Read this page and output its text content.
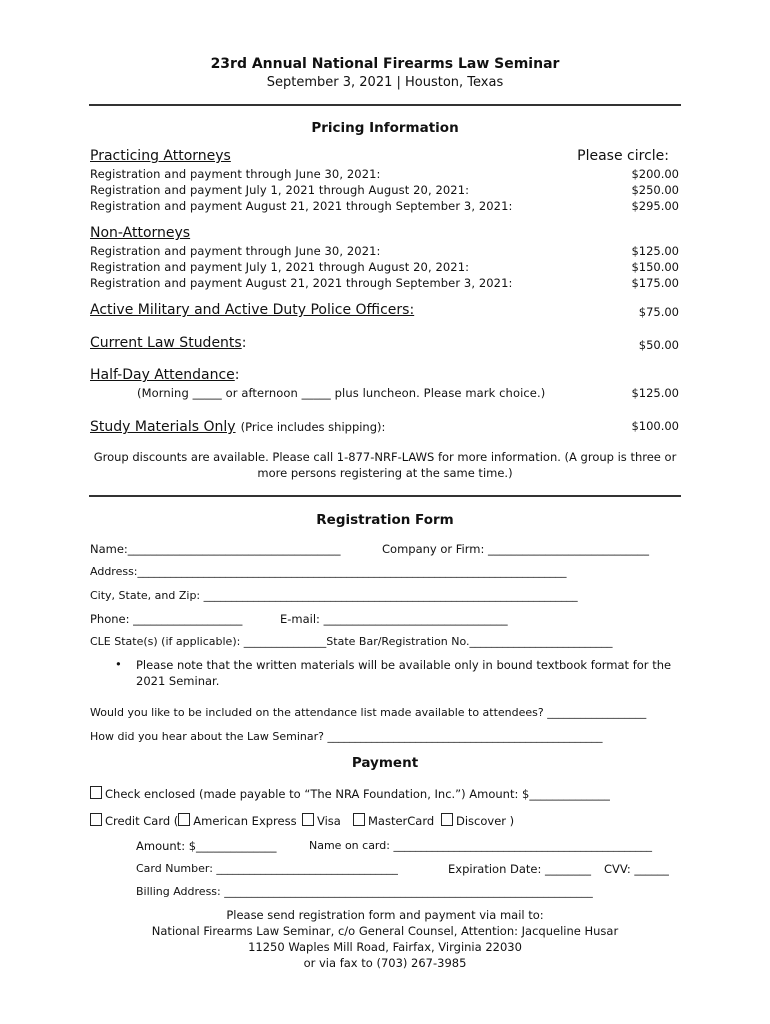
23rd Annual National Firearms Law Seminar
September 3, 2021 | Houston, Texas
Pricing Information
Practicing Attorneys	Please circle:
Registration and payment through June 30, 2021:	$200.00
Registration and payment July 1, 2021 through August 20, 2021:	$250.00
Registration and payment August 21, 2021 through September 3, 2021:	$295.00
Non-Attorneys
Registration and payment through June 30, 2021:	$125.00
Registration and payment July 1, 2021 through August 20, 2021:	$150.00
Registration and payment August 21, 2021 through September 3, 2021:	$175.00
Active Military and Active Duty Police Officers:	$75.00
Current Law Students:	$50.00
Half-Day Attendance:
(Morning _____ or afternoon _____ plus luncheon. Please mark choice.)	$125.00
Study Materials Only (Price includes shipping):	$100.00
Group discounts are available. Please call 1-877-NRF-LAWS for more information. (A group is three or
more persons registering at the same time.)
Registration Form
Name:_____________________________________	Company or Firm: ____________________________
Address:______________________________________________________________________________
City, State, and Zip: ____________________________________________________________________
Phone: ___________________	E-mail: ________________________________
CLE State(s) (if applicable): _______________State Bar/Registration No.__________________________
• Please note that the written materials will be available only in bound textbook format for the
2021 Seminar.
Would you like to be included on the attendance list made available to attendees? __________________
How did you hear about the Law Seminar? __________________________________________________
Payment
Check enclosed (made payable to “The NRA Foundation, Inc.”) Amount: $______________
Credit Card ( American Express	Visa	MasterCard	Discover )
Amount: $______________	Name on card: _______________________________________________
Card Number: _________________________________	Expiration Date: ________ CVV: ______
Billing Address: ___________________________________________________________________
Please send registration form and payment via mail to:
National Firearms Law Seminar, c/o General Counsel, Attention: Jacqueline Husar
11250 Waples Mill Road, Fairfax, Virginia 22030
or via fax to (703) 267-3985
